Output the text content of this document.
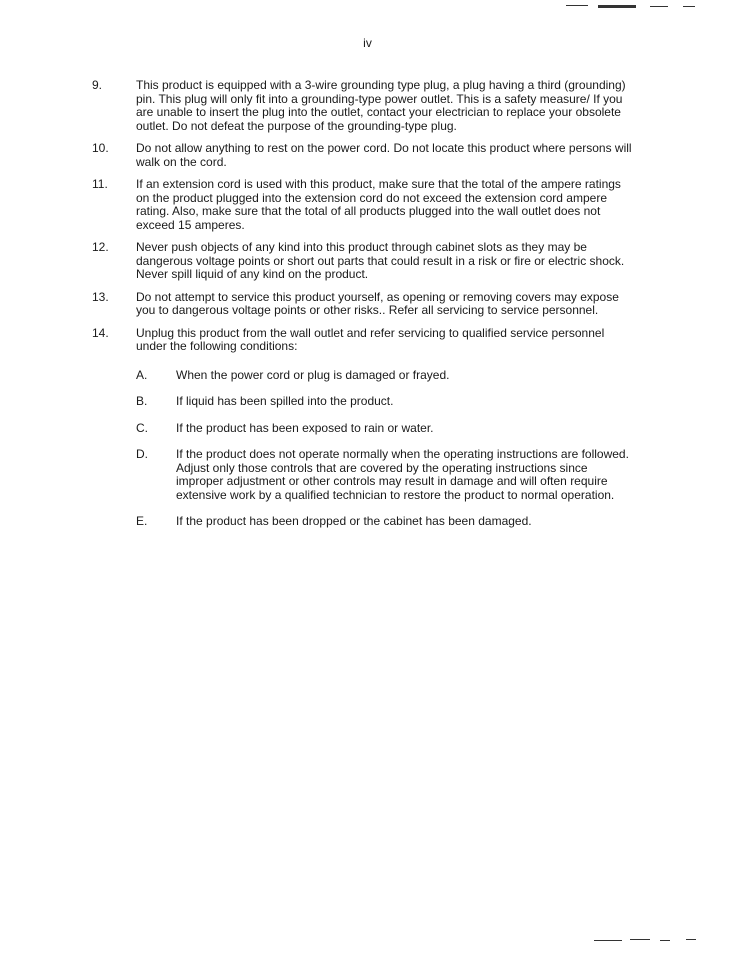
iv
9.	This product is equipped with a 3-wire grounding type plug, a plug having a third (grounding) pin. This plug will only fit into a grounding-type power outlet. This is a safety measure/ If you are unable to insert the plug into the outlet, contact your electrician to replace your obsolete outlet. Do not defeat the purpose of the grounding-type plug.
10.	Do not allow anything to rest on the power cord. Do not locate this product where persons will walk on the cord.
11.	If an extension cord is used with this product, make sure that the total of the ampere ratings on the product plugged into the extension cord do not exceed the extension cord ampere rating. Also, make sure that the total of all products plugged into the wall outlet does not exceed 15 amperes.
12.	Never push objects of any kind into this product through cabinet slots as they may be dangerous voltage points or short out parts that could result in a risk or fire or electric shock. Never spill liquid of any kind on the product.
13.	Do not attempt to service this product yourself, as opening or removing covers may expose you to dangerous voltage points or other risks.. Refer all servicing to service personnel.
14.	Unplug this product from the wall outlet and refer servicing to qualified service personnel under the following conditions:
A.	When the power cord or plug is damaged or frayed.
B.	If liquid has been spilled into the product.
C.	If the product has been exposed to rain or water.
D.	If the product does not operate normally when the operating instructions are followed. Adjust only those controls that are covered by the operating instructions since improper adjustment or other controls may result in damage and will often require extensive work by a qualified technician to restore the product to normal operation.
E.	If the product has been dropped or the cabinet has been damaged.
